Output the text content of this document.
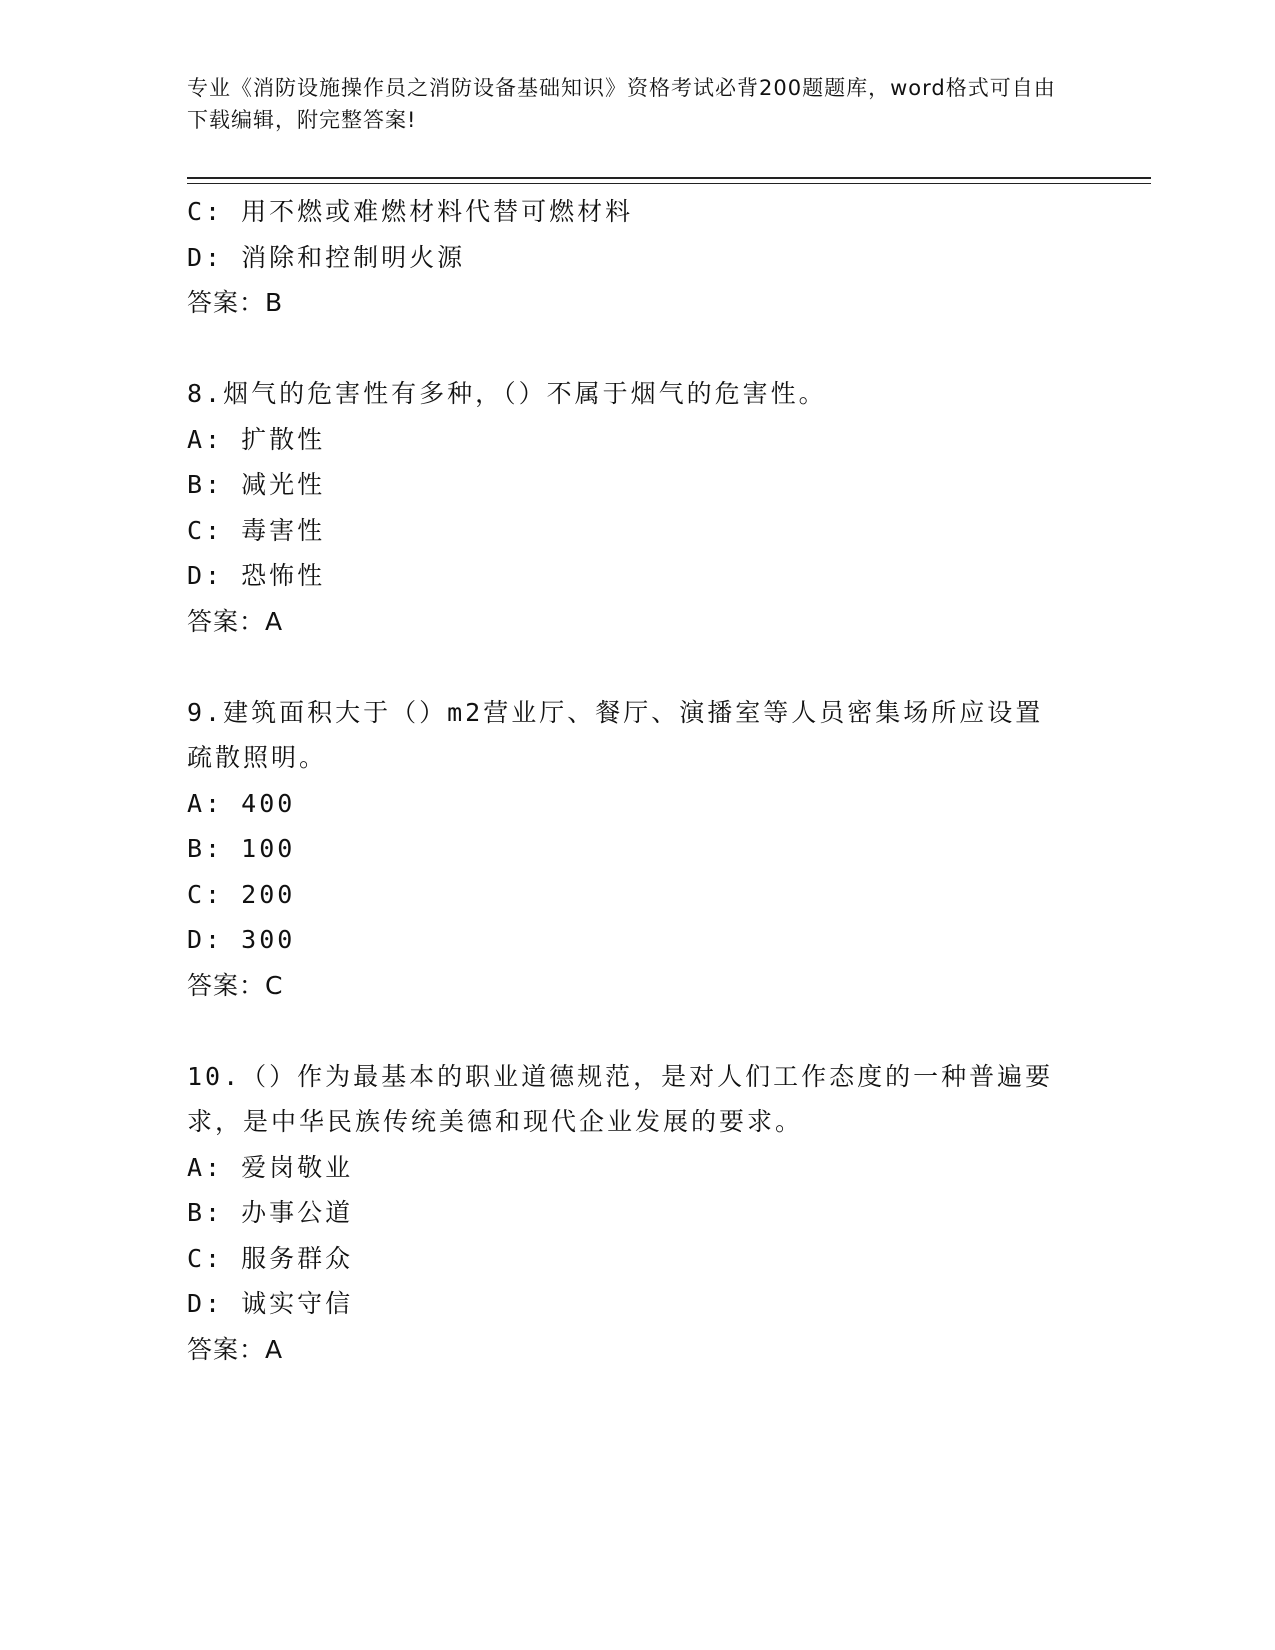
专业《消防设施操作员之消防设备基础知识》资格考试必背200题题库，word格式可自由下载编辑，附完整答案!
C: 用不燃或难燃材料代替可燃材料
D: 消除和控制明火源
答案：B
8.烟气的危害性有多种，（）不属于烟气的危害性。
A: 扩散性
B: 减光性
C: 毒害性
D: 恐怖性
答案：A
9.建筑面积大于（）m2营业厅、餐厅、演播室等人员密集场所应设置疏散照明。
A: 400
B: 100
C: 200
D: 300
答案：C
10.（）作为最基本的职业道德规范，是对人们工作态度的一种普遍要求，是中华民族传统美德和现代企业发展的要求。
A: 爱岗敬业
B: 办事公道
C: 服务群众
D: 诚实守信
答案：A
